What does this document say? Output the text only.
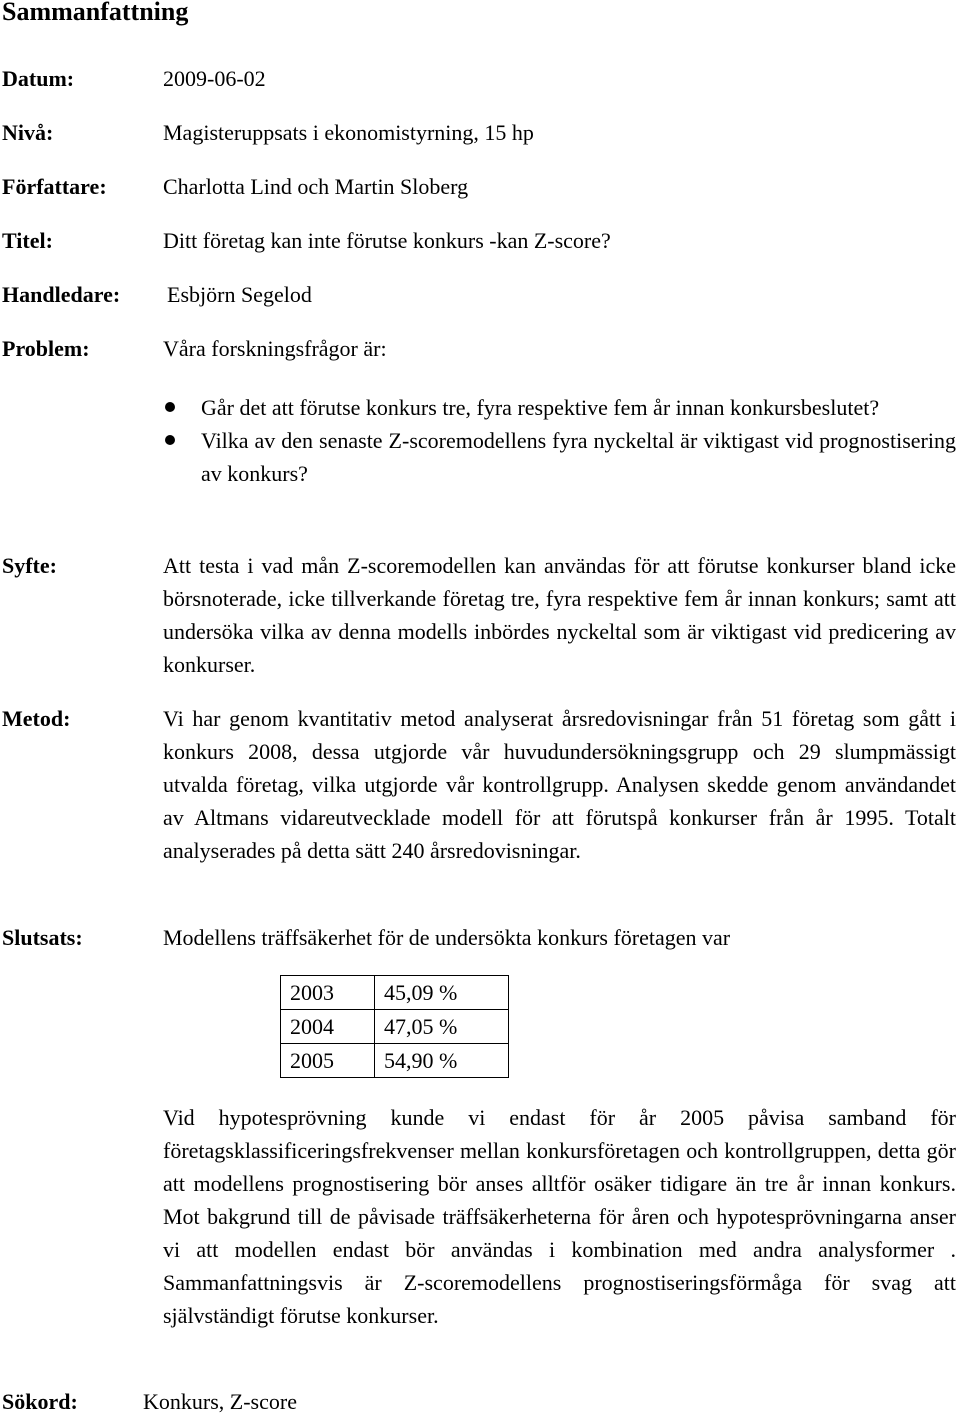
Sammanfattning
Datum:	2009-06-02
Nivå:	Magisteruppsats i ekonomistyrning, 15 hp
Författare:	Charlotta Lind och Martin Sloberg
Titel:	Ditt företag kan inte förutse konkurs -kan Z-score?
Handledare: Esbjörn Segelod
Problem:	Våra forskningsfrågor är:
Går det att förutse konkurs tre, fyra respektive fem år innan konkursbeslutet?
Vilka av den senaste Z-scoremodellens fyra nyckeltal är viktigast vid prognostisering av konkurs?
Syfte:	Att testa i vad mån Z-scoremodellen kan användas för att förutse konkurser bland icke börsnoterade, icke tillverkande företag tre, fyra respektive fem år innan konkurs; samt att undersöka vilka av denna modells inbördes nyckeltal som är viktigast vid predicering av konkurser.
Metod:	Vi har genom kvantitativ metod analyserat årsredovisningar från 51 företag som gått i konkurs 2008, dessa utgjorde vår huvudundersökningsgrupp och 29 slumpmässigt utvalda företag, vilka utgjorde vår kontrollgrupp. Analysen skedde genom användandet av Altmans vidareutvecklade modell för att förutspå konkurser från år 1995. Totalt analyserades på detta sätt 240 årsredovisningar.
Slutsats:	Modellens träffsäkerhet för de undersökta konkurs företagen var
2003	45,09 %
2004	47,05 %
2005	54,90 %
Vid hypotesprövning kunde vi endast för år 2005 påvisa samband för företagsklassificeringsfrekvenser mellan konkursföretagen och kontrollgruppen, detta gör att modellens prognostisering bör anses alltför osäker tidigare än tre år innan konkurs. Mot bakgrund till de påvisade träffsäkerheterna för åren och hypotesprövningarna anser vi att modellen endast bör användas i kombination med andra analysformer . Sammanfattningsvis är Z-scoremodellens prognostiseringsförmåga för svag att självständigt förutse konkurser.
Sökord:	Konkurs, Z-score
